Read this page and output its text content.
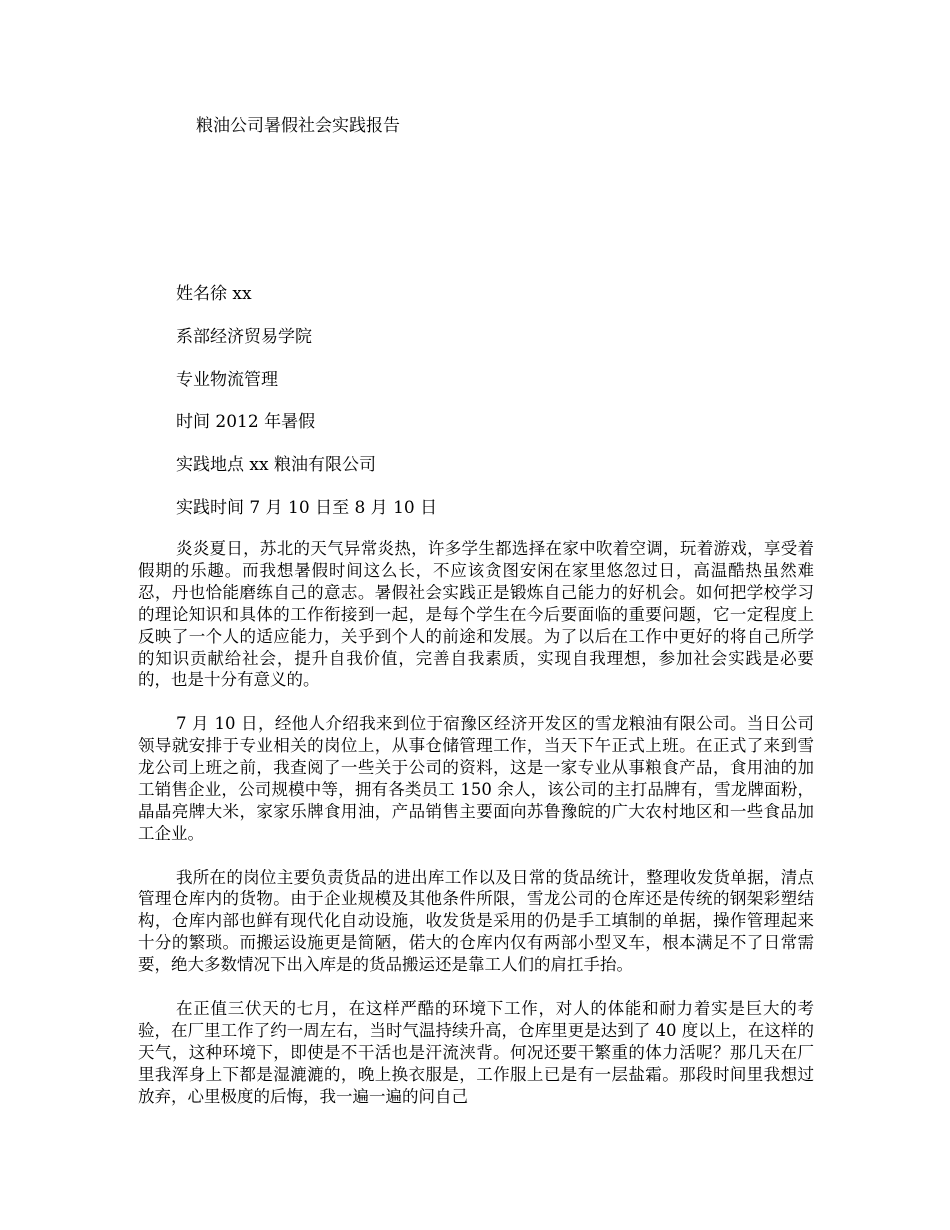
粮油公司暑假社会实践报告
姓名徐 xx
系部经济贸易学院
专业物流管理
时间 2012 年暑假
实践地点 xx 粮油有限公司
实践时间 7 月 10 日至 8 月 10 日

炎炎夏日，苏北的天气异常炎热，许多学生都选择在家中吹着空调，玩着游戏，享受着假期的乐趣。而我想暑假时间这么长，不应该贪图安闲在家里悠忽过日，高温酷热虽然难忍，丹也恰能磨练自己的意志。暑假社会实践正是锻炼自己能力的好机会。如何把学校学习的理论知识和具体的工作衔接到一起，是每个学生在今后要面临的重要问题，它一定程度上反映了一个人的适应能力，关乎到个人的前途和发展。为了以后在工作中更好的将自己所学的知识贡献给社会，提升自我价值，完善自我素质，实现自我理想，参加社会实践是必要的，也是十分有意义的。

7 月 10 日，经他人介绍我来到位于宿豫区经济开发区的雪龙粮油有限公司。当日公司领导就安排于专业相关的岗位上，从事仓储管理工作，当天下午正式上班。在正式了来到雪龙公司上班之前，我查阅了一些关于公司的资料，这是一家专业从事粮食产品，食用油的加工销售企业，公司规模中等，拥有各类员工 150 余人，该公司的主打品牌有，雪龙牌面粉，晶晶亮牌大米，家家乐牌食用油，产品销售主要面向苏鲁豫皖的广大农村地区和一些食品加工企业。

我所在的岗位主要负责货品的进出库工作以及日常的货品统计，整理收发货单据，清点管理仓库内的货物。由于企业规模及其他条件所限，雪龙公司的仓库还是传统的钢架彩塑结构，仓库内部也鲜有现代化自动设施，收发货是采用的仍是手工填制的单据，操作管理起来十分的繁琐。而搬运设施更是简陋，偌大的仓库内仅有两部小型叉车，根本满足不了日常需要，绝大多数情况下出入库是的货品搬运还是靠工人们的肩扛手抬。

在正值三伏天的七月，在这样严酷的环境下工作，对人的体能和耐力着实是巨大的考验，在厂里工作了约一周左右，当时气温持续升高，仓库里更是达到了 40 度以上，在这样的天气，这种环境下，即使是不干活也是汗流浃背。何况还要干繁重的体力活呢？那几天在厂里我浑身上下都是湿漉漉的，晚上换衣服是，工作服上已是有一层盐霜。那段时间里我想过放弃，心里极度的后悔，我一遍一遍的问自己
